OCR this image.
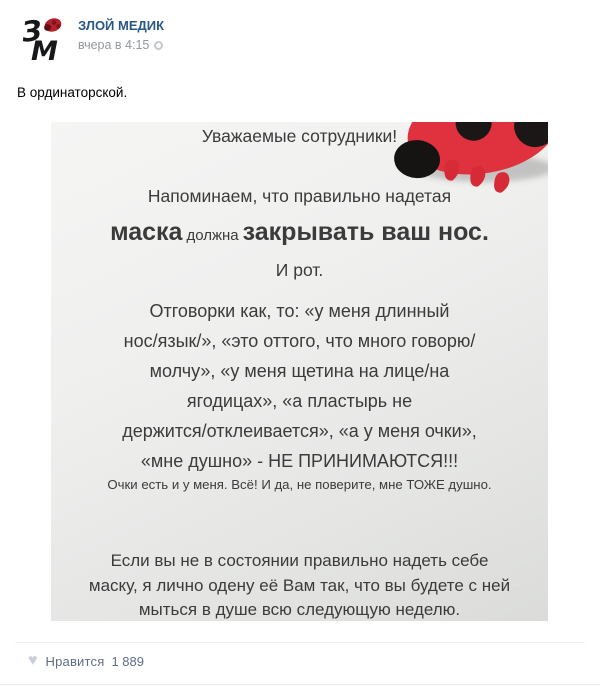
З
М
ЗЛОЙ МЕДИК
вчера в 4:15
В ординаторской.
Уважаемые сотрудники!
Напоминаем, что правильно надетая
маска должна закрывать ваш нос.
И рот.
Отговорки как, то: «у меня длинный
нос/язык/», «это оттого, что много говорю/
молчу», «у меня щетина на лице/на
ягодицах», «а пластырь не
держится/отклеивается», «а у меня очки»,
«мне душно» - НЕ ПРИНИМАЮТСЯ!!!
Очки есть и у меня. Всё! И да, не поверите, мне ТОЖЕ душно.
Если вы не в состоянии правильно надеть себе
маску, я лично одену её Вам так, что вы будете с ней
мыться в душе всю следующую неделю.
♥ Нравится 1 889
